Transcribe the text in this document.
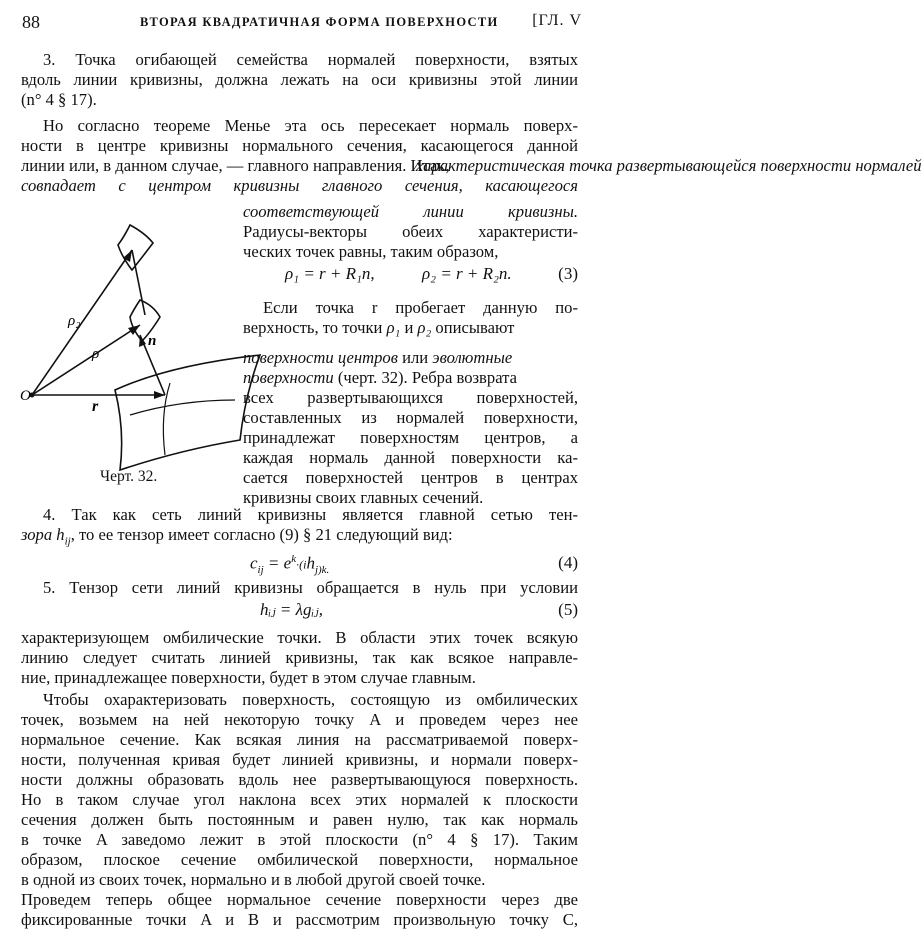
88	ВТОРАЯ КВАДРАТИЧНАЯ ФОРМА ПОВЕРХНОСТИ [ГЛ. V
3. Точка огибающей семейства нормалей поверхности, взятых
вдоль линии кривизны, должна лежать на оси кривизны этой линии
(n° 4 § 17).
Но согласно теореме Менье эта ось пересекает нормаль поверх-
ности в центре кривизны нормального сечения, касающегося данной
линии или, в данном случае, — главного направления. Итак,
характеристическая точка развертывающейся поверхности нормалей
совпадает с центром кривизны главного сечения, касающегося
соответствующей линии кривизны.
Радиусы-векторы обеих характеристи-
ческих точек равны, таким образом,
ρ₁ = r + R₁n,	ρ₂ = r + R₂n.	(3)
Если точка r пробегает данную по-
верхность, то точки ρ₁ и ρ₂ описывают
поверхности центров или эволютные
поверхности (черт. 32). Ребра возврата
всех развертывающихся поверхностей,
составленных из нормалей поверхности,
принадлежат поверхностям центров, а
каждая нормаль данной поверхности ка-
сается поверхностей центров в центрах
кривизны своих главных сечений.
Черт. 32.
O
r
n
ρ
ρ₂
4. Так как сеть линий кривизны является главной сетью тен-
зора $h_{ij}$, то ее тензор имеет согласно (9) § 21 следующий вид:
$c_{ij} = e^k\cdot(ih_{j)k.}$	(4)
5. Тензор сети линий кривизны обращается в нуль при условии
hᵢⱼ = λgᵢⱼ,	(5)
характеризующем омбилические точки. В области этих точек всякую
линию следует считать линией кривизны, так как всякое направле-
ние, принадлежащее поверхности, будет в этом случае главным.
Чтобы охарактеризовать поверхность, состоящую из омбилических
точек, возьмем на ней некоторую точку A и проведем через нее
нормальное сечение. Как всякая линия на рассматриваемой поверх-
ности, полученная кривая будет линией кривизны, и нормали поверх-
ности должны образовать вдоль нее развертывающуюся поверхность.
Но в таком случае угол наклона всех этих нормалей к плоскости
сечения должен быть постоянным и равен нулю, так как нормаль
в точке A заведомо лежит в этой плоскости (n° 4 § 17). Таким
образом, плоское сечение омбилической поверхности, нормальное
в одной из своих точек, нормально и в любой другой своей точке.
Проведем теперь общее нормальное сечение поверхности через две
фиксированные точки A и B и рассмотрим произвольную точку C,
